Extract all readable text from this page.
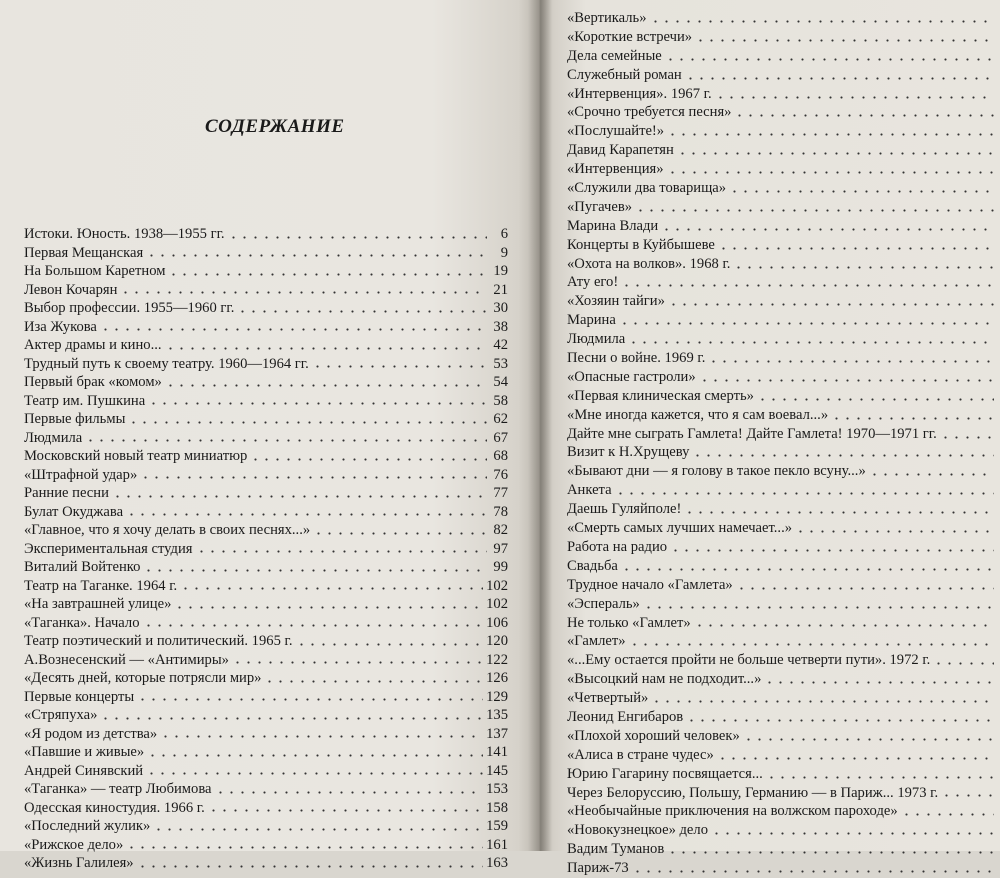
СОДЕРЖАНИЕ
Истоки. Юность. 1938—1955 гг.	6
Первая Мещанская	9
На Большом Каретном	19
Левон Кочарян	21
Выбор профессии. 1955—1960 гг.	30
Иза Жукова	38
Актер драмы и кино...	42
Трудный путь к своему театру. 1960—1964 гг.	53
Первый брак «комом»	54
Театр им. Пушкина	58
Первые фильмы	62
Людмила	67
Московский новый театр миниатюр	68
«Штрафной удар»	76
Ранние песни	77
Булат Окуджава	78
«Главное, что я хочу делать в своих песнях...»	82
Экспериментальная студия	97
Виталий Войтенко	99
Театр на Таганке. 1964 г.	102
«На завтрашней улице»	102
«Таганка». Начало	106
Театр поэтический и политический. 1965 г.	120
А.Вознесенский — «Антимиры»	122
«Десять дней, которые потрясли мир»	126
Первые концерты	129
«Стряпуха»	135
«Я родом из детства»	137
«Павшие и живые»	141
Андрей Синявский	145
«Таганка» — театр Любимова	153
Одесская киностудия. 1966 г.	158
«Последний жулик»	159
«Рижское дело»	161
«Жизнь Галилея»	163
«Вертикаль»
«Короткие встречи»
Дела семейные
Служебный роман
«Интервенция». 1967 г.
«Срочно требуется песня»
«Послушайте!»
Давид Карапетян
«Интервенция»
«Служили два товарища»
«Пугачев»
Марина Влади
Концерты в Куйбышеве
«Охота на волков». 1968 г.
Ату его!
«Хозяин тайги»
Марина
Людмила
Песни о войне. 1969 г.
«Опасные гастроли»
«Первая клиническая смерть»
«Мне иногда кажется, что я сам воевал...»
Дайте мне сыграть Гамлета! Дайте Гамлета! 1970—1971 гг.
Визит к Н.Хрущеву
«Бывают дни — я голову в такое пекло всуну...»
Анкета
Даешь Гуляйполе!
«Смерть самых лучших намечает...»
Работа на радио
Свадьба
Трудное начало «Гамлета»
«Эспераль»
Не только «Гамлет»
«Гамлет»
«...Ему остается пройти не больше четверти пути». 1972 г.
«Высоцкий нам не подходит...»
«Четвертый»
Леонид Енгибаров
«Плохой хороший человек»
«Алиса в стране чудес»
Юрию Гагарину посвящается...
Через Белоруссию, Польшу, Германию — в Париж... 1973 г.
«Необычайные приключения на волжском пароходе»
«Новокузнецкое» дело
Вадим Туманов
Париж-73
